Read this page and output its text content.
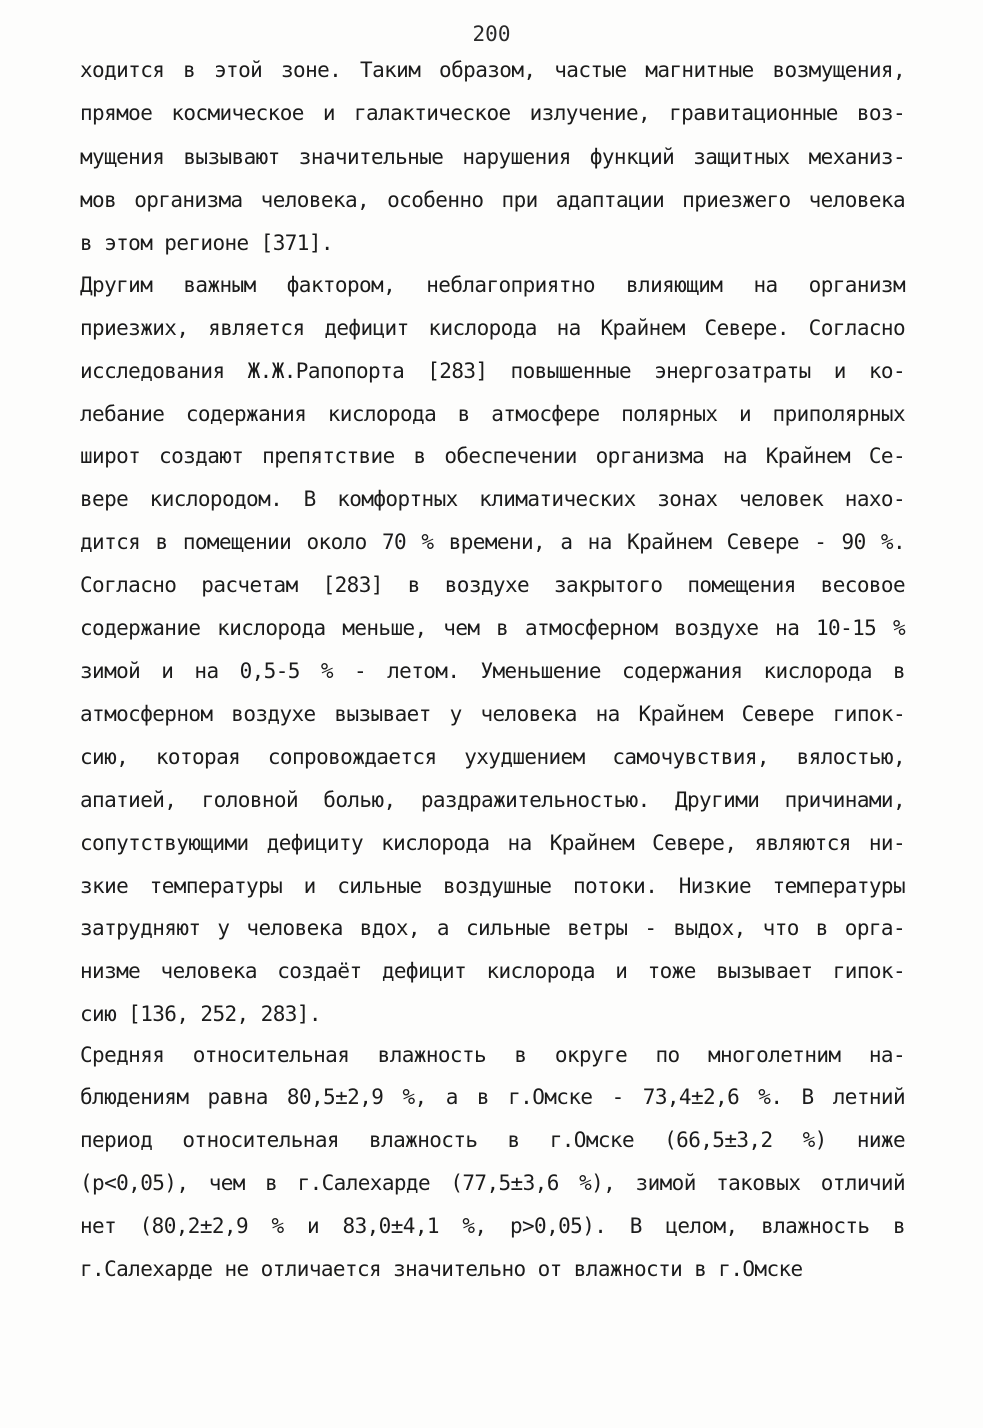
200
ходится в этой зоне. Таким образом, частые магнитные возмущения,
прямое космическое и галактическое излучение, гравитационные воз-
мущения вызывают значительные нарушения функций защитных механиз-
мов организма человека, особенно при адаптации приезжего человека
в этом регионе [371].
Другим важным фактором, неблагоприятно влияющим на организм
приезжих, является дефицит кислорода на Крайнем Севере. Согласно
исследования Ж.Ж.Рапопорта [283] повышенные энергозатраты и ко-
лебание содержания кислорода в атмосфере полярных и приполярных
широт создают препятствие в обеспечении организма на Крайнем Се-
вере кислородом. В комфортных климатических зонах человек нахо-
дится в помещении около 70 % времени, а на Крайнем Севере - 90 %.
Согласно расчетам [283] в воздухе закрытого помещения весовое
содержание кислорода меньше, чем в атмосферном воздухе на 10-15 %
зимой и на 0,5-5 % - летом. Уменьшение содержания кислорода в
атмосферном воздухе вызывает у человека на Крайнем Севере гипок-
сию, которая сопровождается ухудшением самочувствия, вялостью,
апатией, головной болью, раздражительностью. Другими причинами,
сопутствующими дефициту кислорода на Крайнем Севере, являются ни-
зкие температуры и сильные воздушные потоки. Низкие температуры
затрудняют у человека вдох, а сильные ветры - выдох, что в орга-
низме человека создаёт дефицит кислорода и тоже вызывает гипок-
сию [136, 252, 283].
Средняя относительная влажность в округе по многолетним на-
блюдениям равна 80,5±2,9 %, а в г.Омске - 73,4±2,6 %. В летний
период относительная влажность в г.Омске (66,5±3,2 %) ниже
(р<0,05), чем в г.Салехарде (77,5±3,6 %), зимой таковых отличий
нет (80,2±2,9 % и 83,0±4,1 %, р>0,05). В целом, влажность в
г.Салехарде не отличается значительно от влажности в г.Омске
